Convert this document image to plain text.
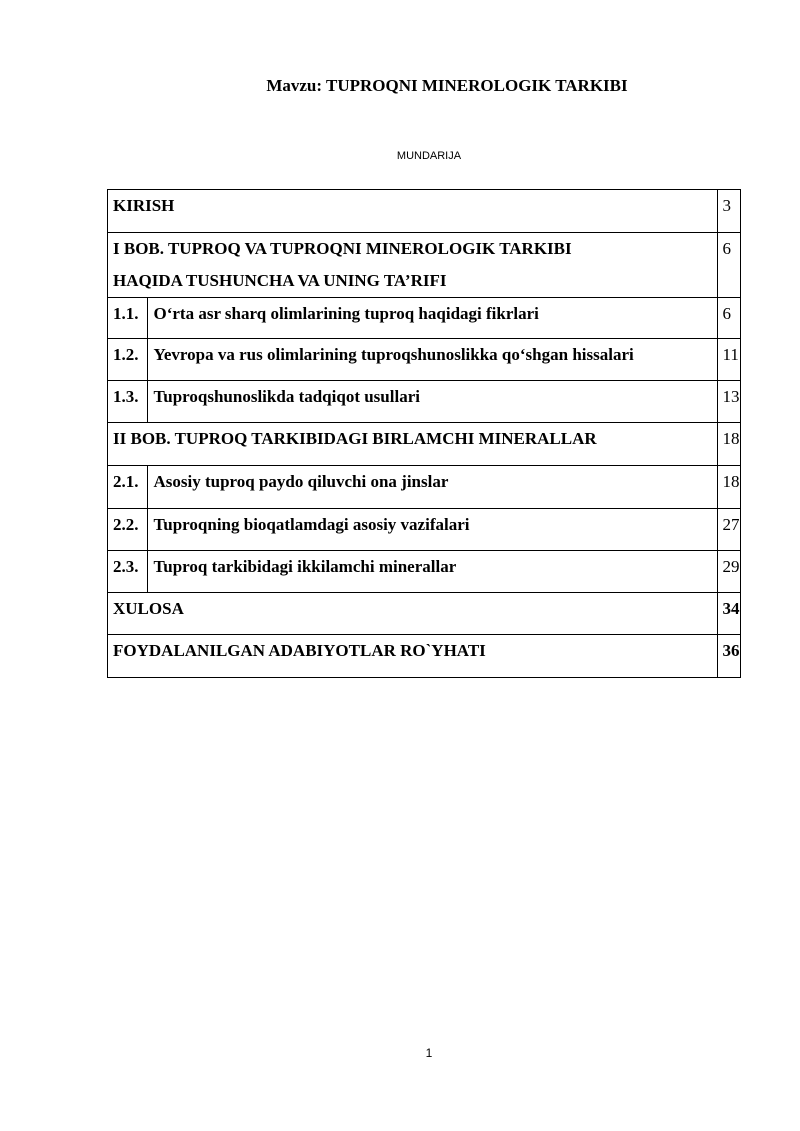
Mavzu: TUPROQNI MINEROLOGIK TARKIBI
MUNDARIJA
KIRISH		3

I BOB. TUPROQ VA TUPROQNI MINEROLOGIK TARKIBI
HAQIDA TUSHUNCHA VA UNING TA’RIFI		6
1.1.	O‘rta asr sharq olimlarining tuproq haqidagi fikrlari	6
1.2.	Yevropa va rus olimlarining tuproqshunoslikka qo‘shgan hissalari	11
1.3.	Tuproqshunoslikda tadqiqot usullari	13
II BOB. TUPROQ TARKIBIDAGI BIRLAMCHI MINERALLAR		18
2.1.	Asosiy tuproq paydo qiluvchi ona jinslar	18
2.2.	Tuproqning bioqatlamdagi asosiy vazifalari	27
2.3.	Tuproq tarkibidagi ikkilamchi minerallar	29
XULOSA		34
FOYDALANILGAN ADABIYOTLAR RO`YHATI		36
1
